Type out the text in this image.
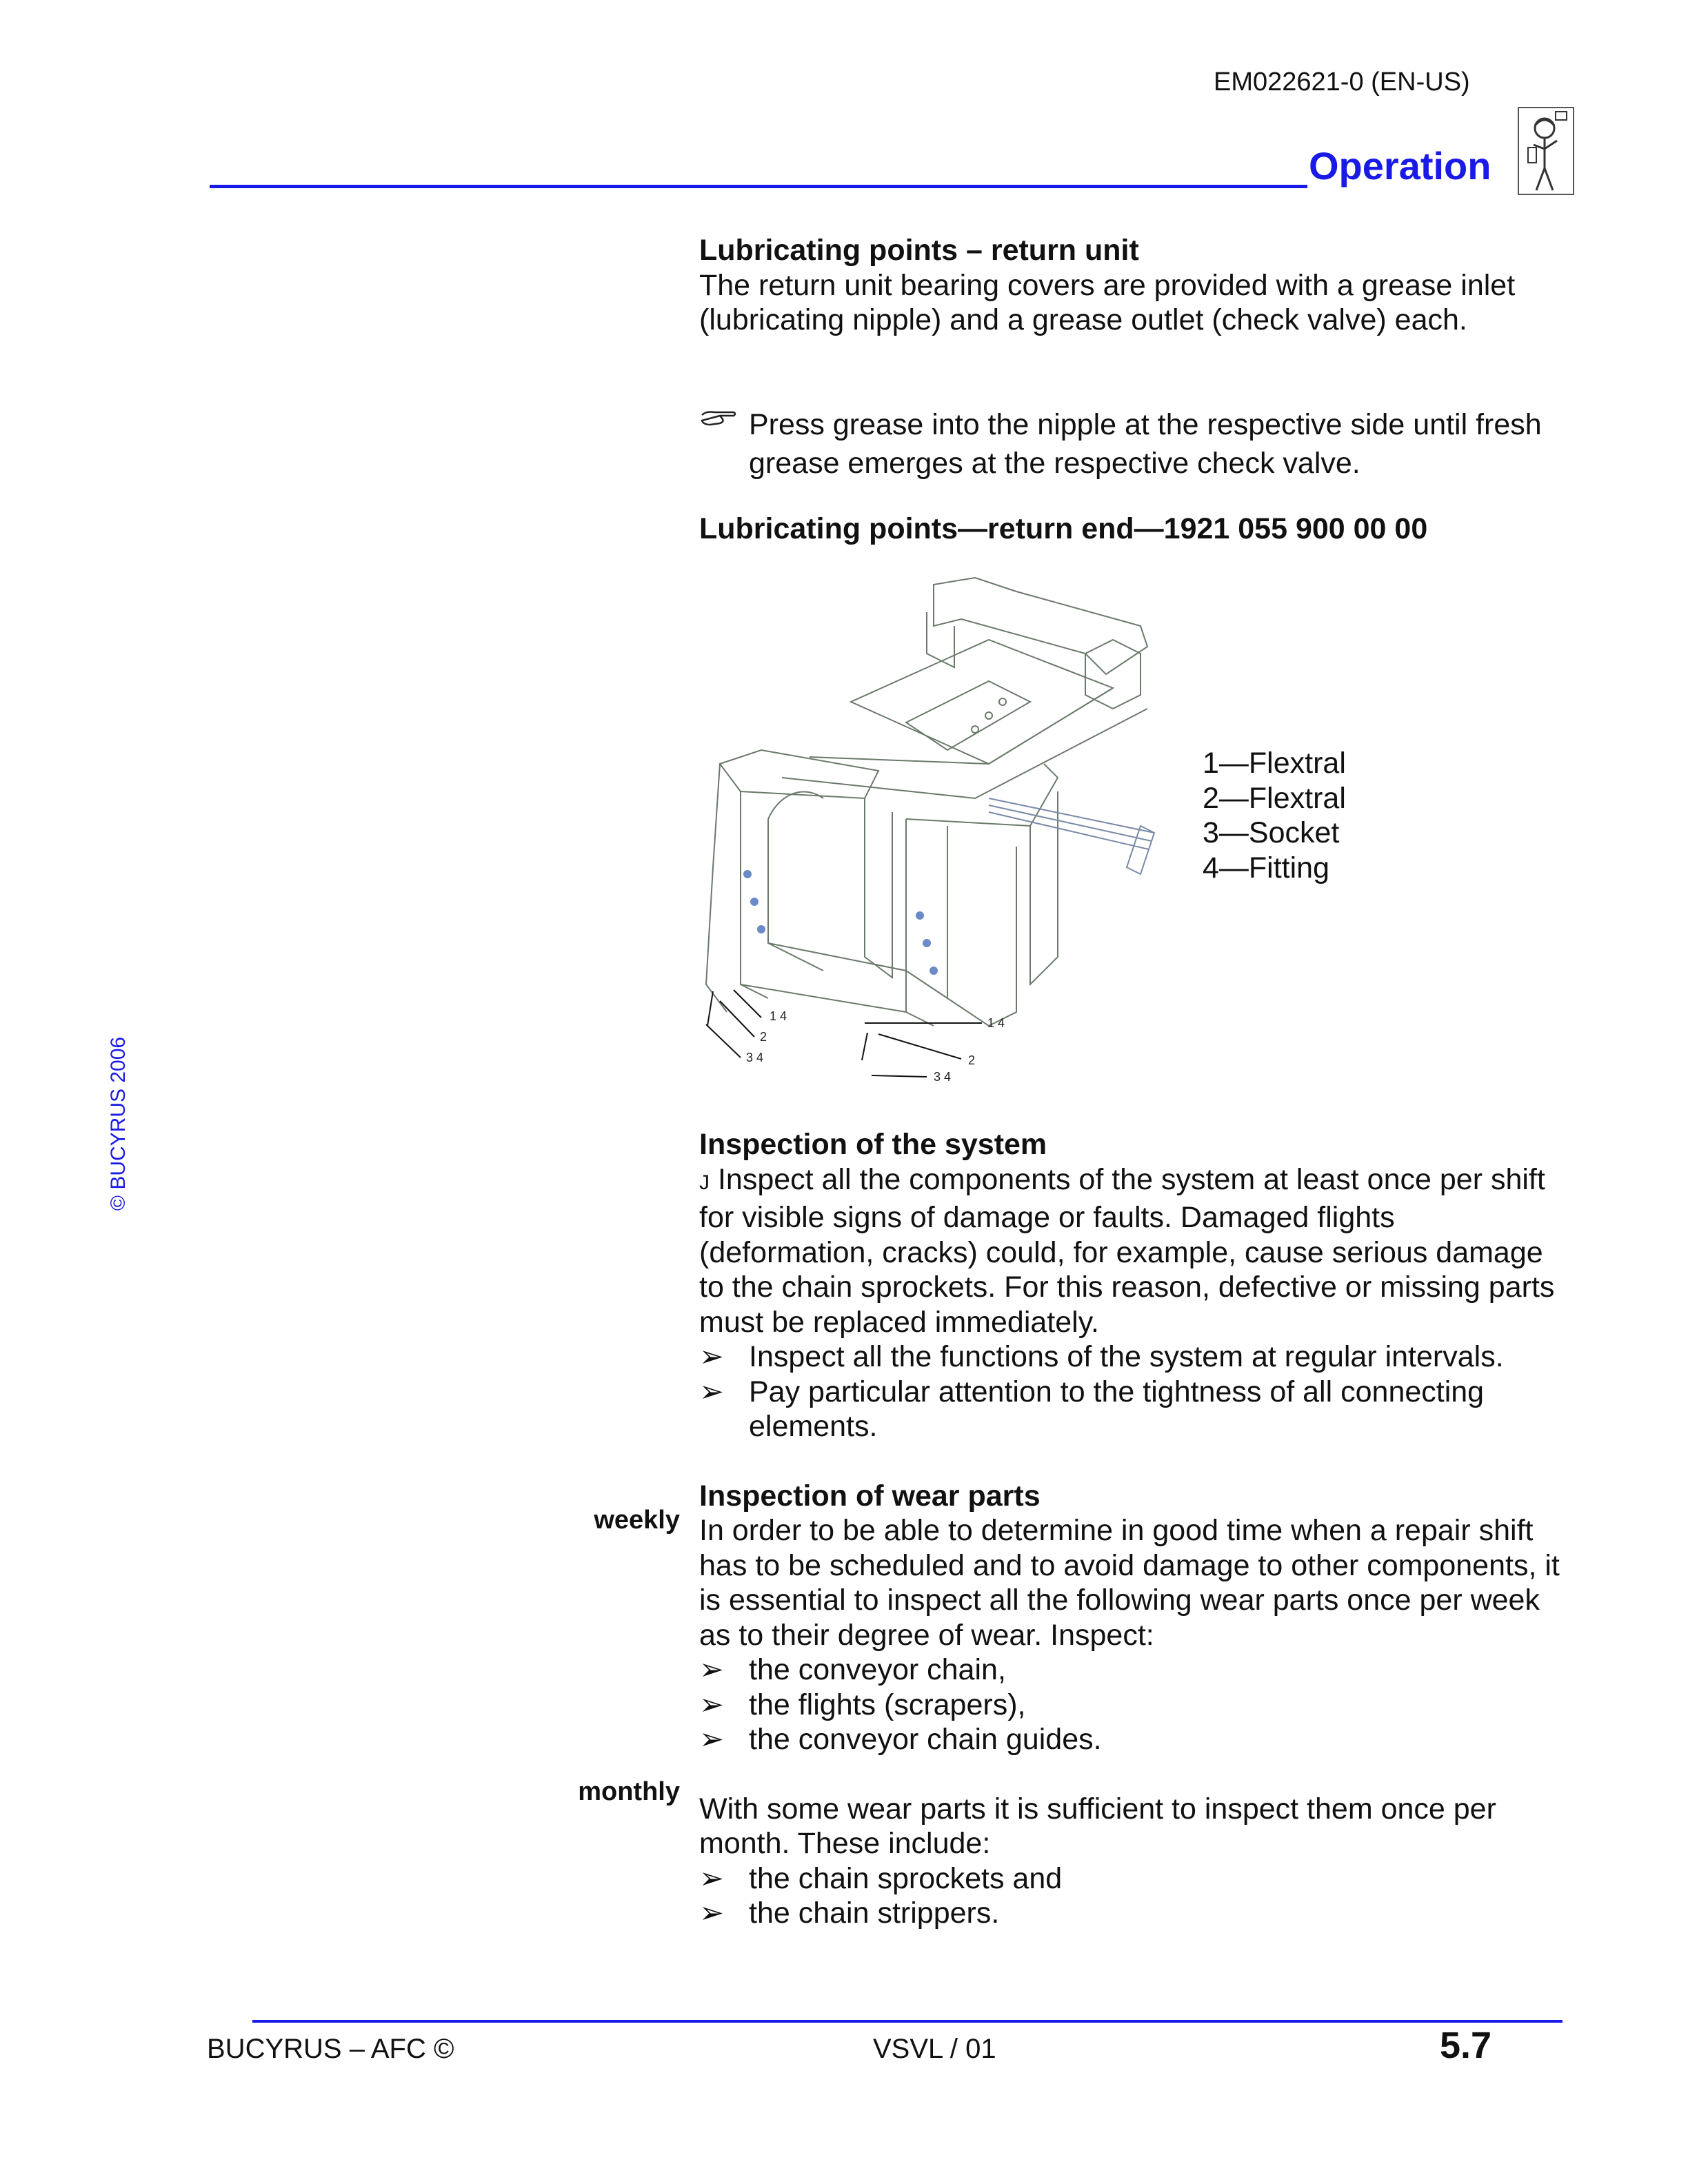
EM022621-0 (EN-US)
Operation
© BUCYRUS 2006
weekly
monthly

Lubricating points – return unit

The return unit bearing covers are provided with a grease inlet (lubricating nipple) and a grease outlet (check valve) each.

Press grease into the nipple at the respective side until fresh grease emerges at the respective check valve.

Lubricating points—return end—1921 055 900 00 00

Inspection of the system

J Inspect all the components of the system at least once per shift for visible signs of damage or faults. Damaged flights (deformation, cracks) could, for example, cause serious damage to the chain sprockets. For this reason, defective or missing parts must be replaced immediately.

➢ Inspect all the functions of the system at regular intervals.
➢ Pay particular attention to the tightness of all connecting elements.

Inspection of wear parts

In order to be able to determine in good time when a repair shift has to be scheduled and to avoid damage to other components, it is essential to inspect all the following wear parts once per week as to their degree of wear. Inspect:

➢ the conveyor chain,
➢ the flights (scrapers),
➢ the conveyor chain guides.

With some wear parts it is sufficient to inspect them once per month. These include:

➢ the chain sprockets and
➢ the chain strippers.
1 4
2
3 4
1 4
2
3 4
1—Flextral
2—Flextral
3—Socket
4—Fitting
BUCYRUS – AFC ©	VSVL / 01	5.7
